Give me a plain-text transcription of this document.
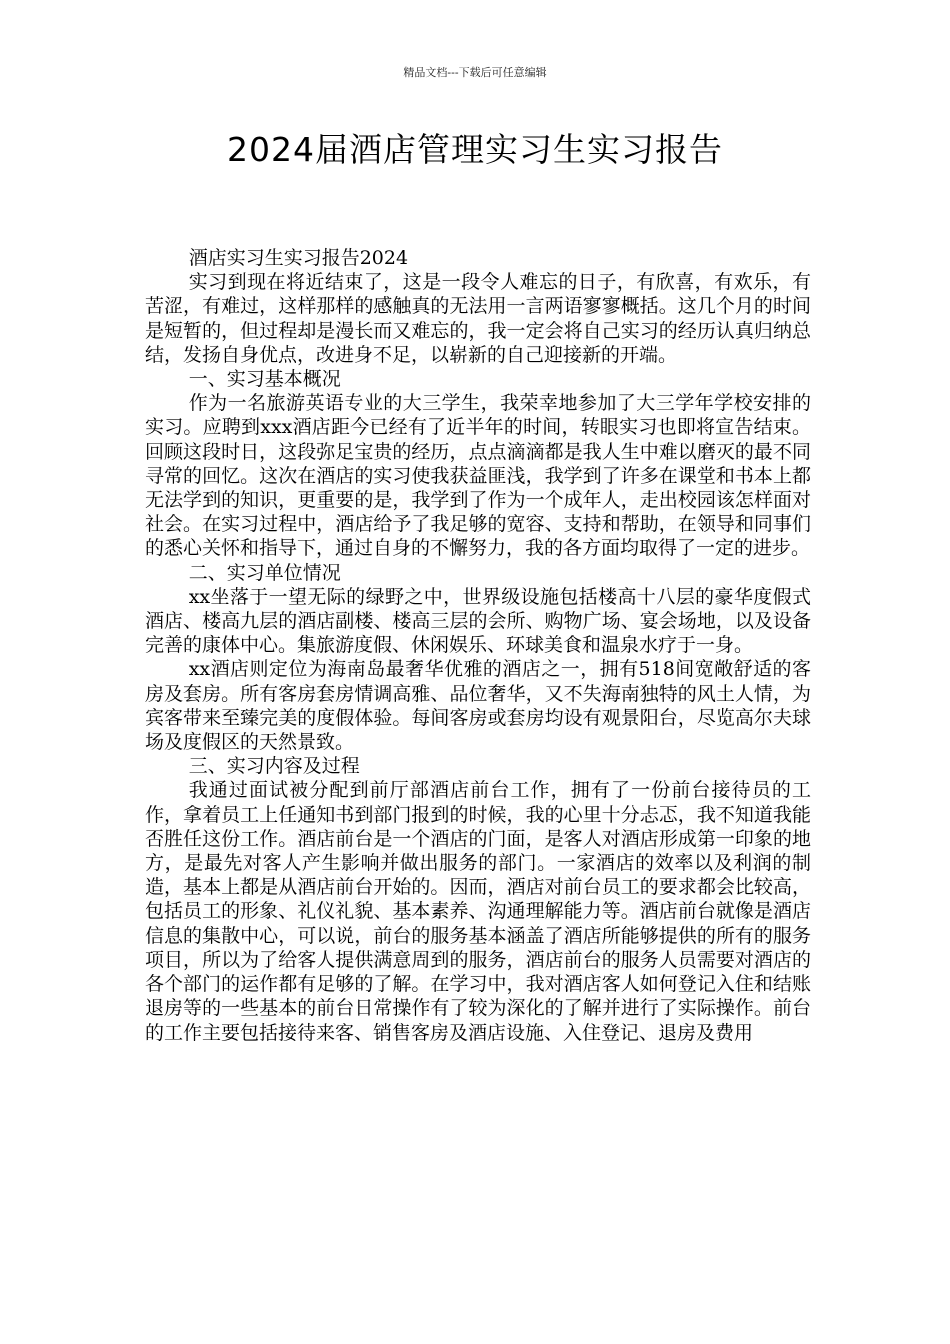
精品文档---下载后可任意编辑
2024届酒店管理实习生实习报告

酒店实习生实习报告2024

实习到现在将近结束了，这是一段令人难忘的日子，有欣喜，有欢乐，有苦涩，有难过，这样那样的感触真的无法用一言两语寥寥概括。这几个月的时间是短暂的，但过程却是漫长而又难忘的，我一定会将自己实习的经历认真归纳总结，发扬自身优点，改进身不足，以崭新的自己迎接新的开端。

一、实习基本概况

作为一名旅游英语专业的大三学生，我荣幸地参加了大三学年学校安排的实习。应聘到xxx酒店距今已经有了近半年的时间，转眼实习也即将宣告结束。回顾这段时日，这段弥足宝贵的经历，点点滴滴都是我人生中难以磨灭的最不同寻常的回忆。这次在酒店的实习使我获益匪浅，我学到了许多在课堂和书本上都无法学到的知识，更重要的是，我学到了作为一个成年人，走出校园该怎样面对社会。在实习过程中，酒店给予了我足够的宽容、支持和帮助，在领导和同事们的悉心关怀和指导下，通过自身的不懈努力，我的各方面均取得了一定的进步。

二、实习单位情况

xx坐落于一望无际的绿野之中，世界级设施包括楼高十八层的豪华度假式酒店、楼高九层的酒店副楼、楼高三层的会所、购物广场、宴会场地，以及设备完善的康体中心。集旅游度假、休闲娱乐、环球美食和温泉水疗于一身。

xx酒店则定位为海南岛最奢华优雅的酒店之一，拥有518间宽敞舒适的客房及套房。所有客房套房情调高雅、品位奢华，又不失海南独特的风土人情，为宾客带来至臻完美的度假体验。每间客房或套房均设有观景阳台，尽览高尔夫球场及度假区的天然景致。

三、实习内容及过程

我通过面试被分配到前厅部酒店前台工作，拥有了一份前台接待员的工作，拿着员工上任通知书到部门报到的时候，我的心里十分忐忑，我不知道我能否胜任这份工作。酒店前台是一个酒店的门面，是客人对酒店形成第一印象的地方，是最先对客人产生影响并做出服务的部门。一家酒店的效率以及利润的制造，基本上都是从酒店前台开始的。因而，酒店对前台员工的要求都会比较高，包括员工的形象、礼仪礼貌、基本素养、沟通理解能力等。酒店前台就像是酒店信息的集散中心，可以说，前台的服务基本涵盖了酒店所能够提供的所有的服务项目，所以为了给客人提供满意周到的服务，酒店前台的服务人员需要对酒店的各个部门的运作都有足够的了解。在学习中，我对酒店客人如何登记入住和结账退房等的一些基本的前台日常操作有了较为深化的了解并进行了实际操作。前台的工作主要包括接待来客、销售客房及酒店设施、入住登记、退房及费用
